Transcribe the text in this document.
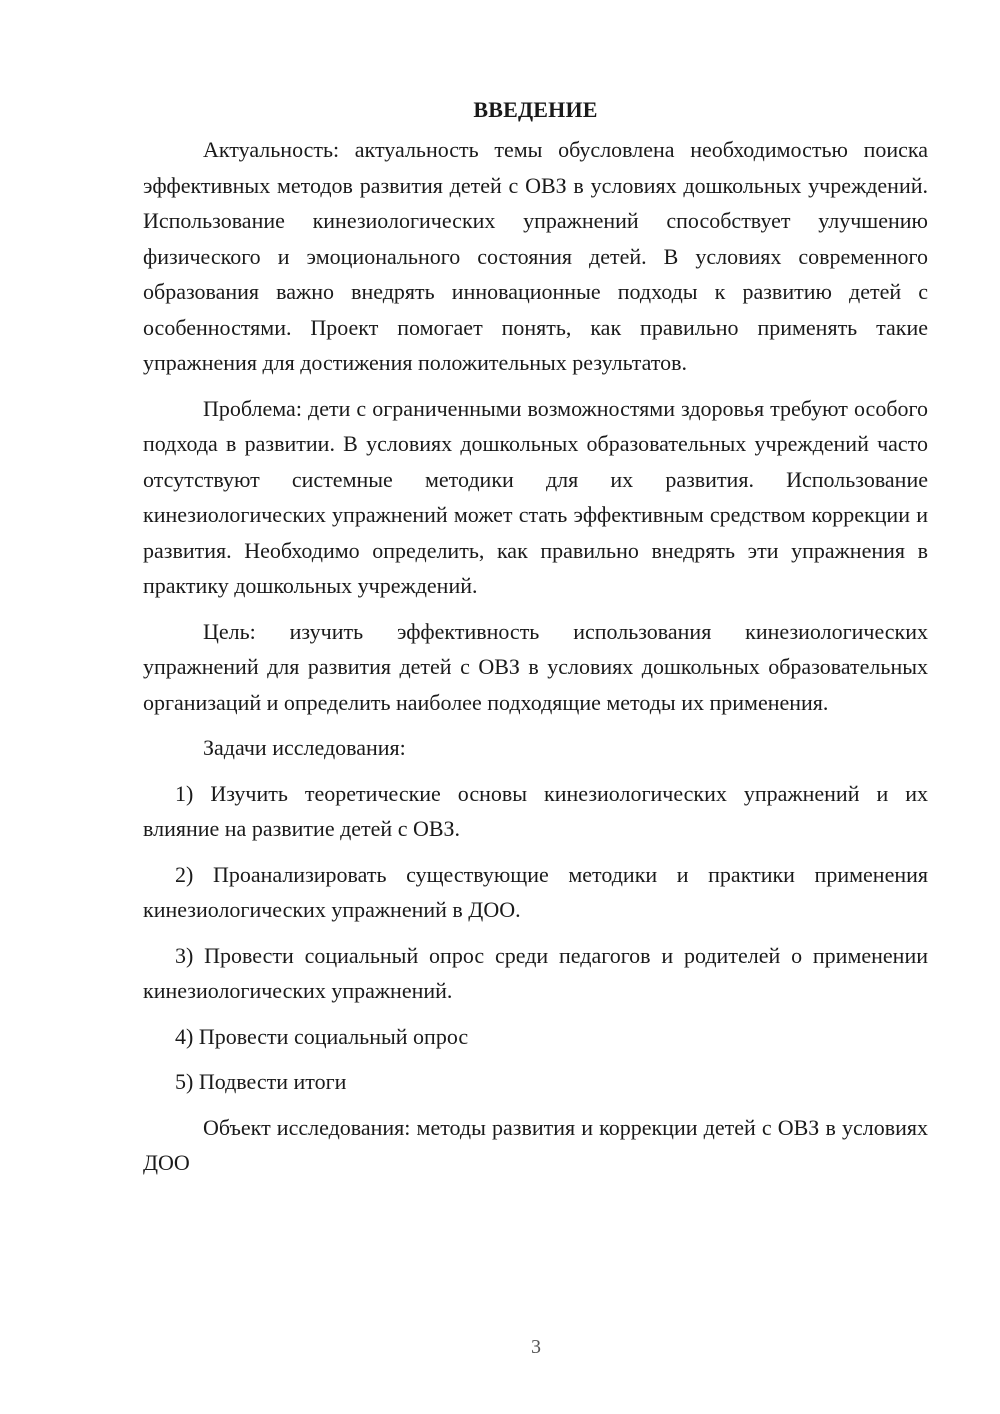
ВВЕДЕНИЕ

Актуальность: актуальность темы обусловлена необходимостью поиска эффективных методов развития детей с ОВЗ в условиях дошкольных учреждений. Использование кинезиологических упражнений способствует улучшению физического и эмоционального состояния детей. В условиях современного образования важно внедрять инновационные подходы к развитию детей с особенностями. Проект помогает понять, как правильно применять такие упражнения для достижения положительных результатов.

Проблема: дети с ограниченными возможностями здоровья требуют особого подхода в развитии. В условиях дошкольных образовательных учреждений часто отсутствуют системные методики для их развития. Использование кинезиологических упражнений может стать эффективным средством коррекции и развития. Необходимо определить, как правильно внедрять эти упражнения в практику дошкольных учреждений.

Цель: изучить эффективность использования кинезиологических упражнений для развития детей с ОВЗ в условиях дошкольных образовательных организаций и определить наиболее подходящие методы их применения.

Задачи исследования:

1) Изучить теоретические основы кинезиологических упражнений и их влияние на развитие детей с ОВЗ.

2) Проанализировать существующие методики и практики применения кинезиологических упражнений в ДОО.

3) Провести социальный опрос среди педагогов и родителей о применении кинезиологических упражнений.

4) Провести социальный опрос

5) Подвести итоги

Объект исследования: методы развития и коррекции детей с ОВЗ в условиях ДОО

3
